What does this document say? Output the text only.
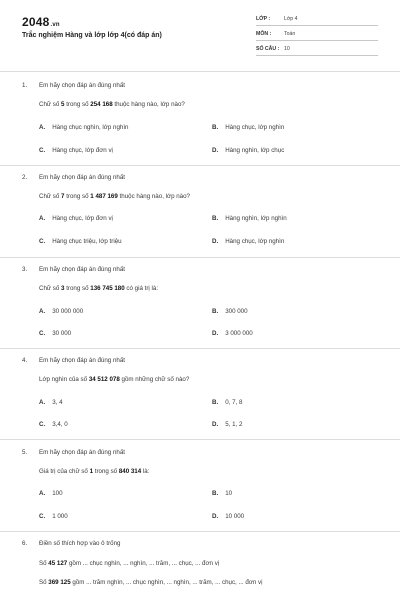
2048.vn
Trắc nghiệm Hàng và lớp lớp 4(có đáp án)
LỚP :	Lớp 4
MÔN : Toán
SỐ CÂU : 10
1. Em hãy chọn đáp án đúng nhất
Chữ số 5 trong số 254 168 thuộc hàng nào, lớp nào?
A. Hàng chục nghìn, lớp nghìn	B. Hàng chục, lớp nghìn
C. Hàng chục, lớp đơn vị	D. Hàng nghìn, lớp chục
2. Em hãy chọn đáp án đúng nhất
Chữ số 7 trong số 1 487 169 thuộc hàng nào, lớp nào?
A. Hàng chục, lớp đơn vị	B. Hàng nghìn, lớp nghìn
C. Hàng chục triệu, lớp triệu	D. Hàng chục, lớp nghìn
3. Em hãy chọn đáp án đúng nhất
Chữ số 3 trong số 136 745 180 có giá trị là:
A. 30 000 000	B. 300 000
C. 30 000	D. 3 000 000
4. Em hãy chọn đáp án đúng nhất
Lớp nghìn của số 34 512 078 gồm những chữ số nào?
A. 3, 4	B. 0, 7, 8
C. 3,4, 0	D. 5, 1, 2
5. Em hãy chọn đáp án đúng nhất
Giá trị của chữ số 1 trong số 840 314 là:
A. 100	B. 10
C. 1 000	D. 10 000
6. Điền số thích hợp vào ô trống
Số 45 127 gồm ... chục nghìn, ... nghìn, ... trăm, ... chục, ... đơn vị
Số 369 125 gồm ... trăm nghìn, ... chục nghìn, ... nghìn, ... trăm, ... chục, ... đơn vị
